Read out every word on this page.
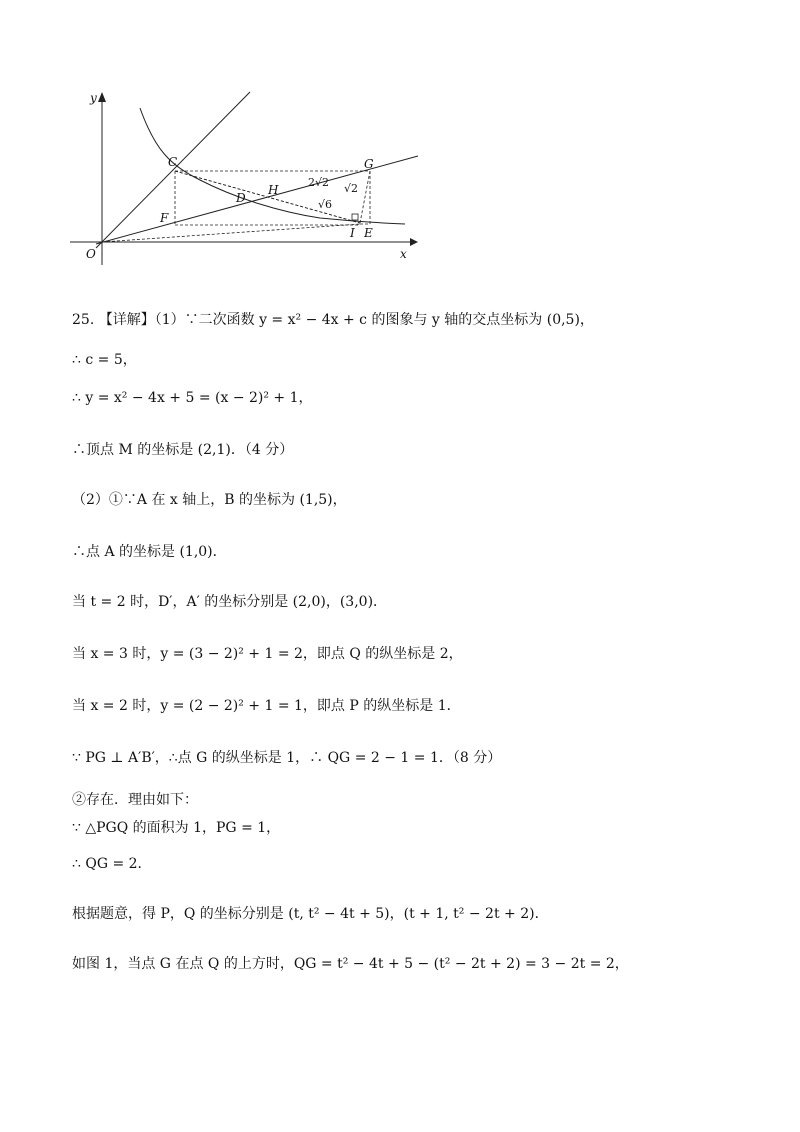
y
x
O
C	G
H
D
F
I E
2√2 √2
√6
25. 【详解】（1）∵二次函数 y = x² − 4x + c 的图象与 y 轴的交点坐标为 (0,5)，
∴ c = 5，
∴ y = x² − 4x + 5 = (x − 2)² + 1，
∴顶点 M 的坐标是 (2,1)．（4 分）
（2）①∵A 在 x 轴上，B 的坐标为 (1,5)，
∴点 A 的坐标是 (1,0)．
当 t = 2 时，D′，A′ 的坐标分别是 (2,0)，(3,0)．
当 x = 3 时，y = (3 − 2)² + 1 = 2，即点 Q 的纵坐标是 2，
当 x = 2 时，y = (2 − 2)² + 1 = 1，即点 P 的纵坐标是 1．
∵ PG ⊥ A′B′，∴点 G 的纵坐标是 1，∴ QG = 2 − 1 = 1．（8 分）
②存在．理由如下：
∵ △PGQ 的面积为 1，PG = 1，
∴ QG = 2．
根据题意，得 P，Q 的坐标分别是 (t, t² − 4t + 5)，(t + 1, t² − 2t + 2)．
如图 1，当点 G 在点 Q 的上方时，QG = t² − 4t + 5 − (t² − 2t + 2) = 3 − 2t = 2，
